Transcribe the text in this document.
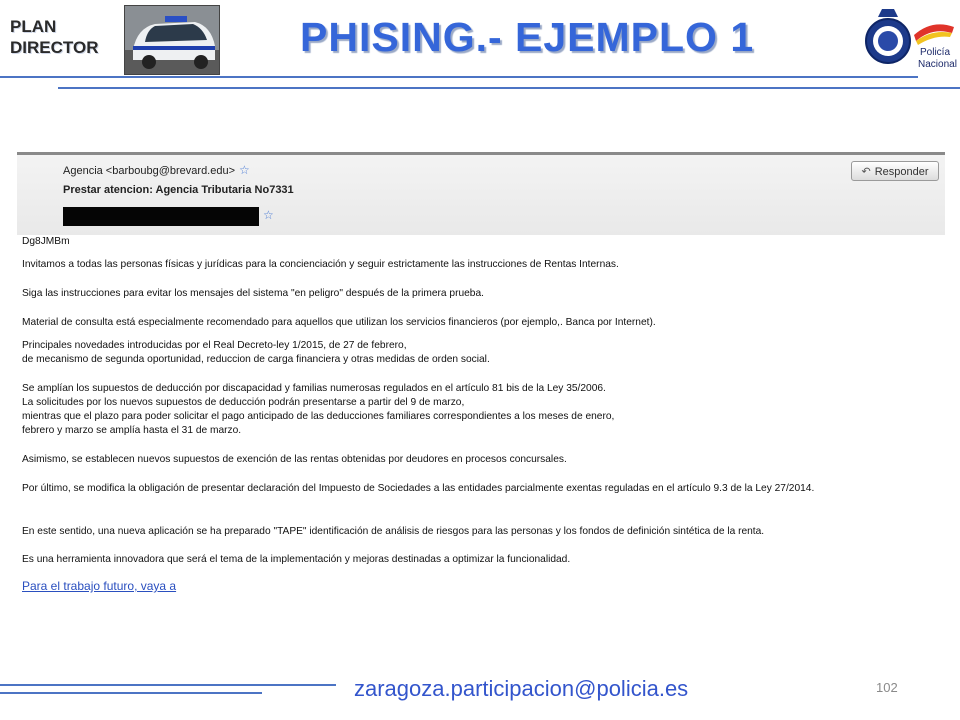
PLAN
DIRECTOR	PHISING.- EJEMPLO 1	Policía
Nacional
Agencia <barboubg@brevard.edu> ☆
Prestar atencion: Agencia Tributaria No7331
☆
↶ Responder
Dg8JMBm
Invitamos a todas las personas físicas y jurídicas para la concienciación y seguir estrictamente las instrucciones de Rentas Internas.
Siga las instrucciones para evitar los mensajes del sistema "en peligro" después de la primera prueba.
Material de consulta está especialmente recomendado para aquellos que utilizan los servicios financieros (por ejemplo,. Banca por Internet).
Principales novedades introducidas por el Real Decreto-ley 1/2015, de 27 de febrero,
de mecanismo de segunda oportunidad, reduccion de carga financiera y otras medidas de orden social.
Se amplían los supuestos de deducción por discapacidad y familias numerosas regulados en el artículo 81 bis de la Ley 35/2006.
La solicitudes por los nuevos supuestos de deducción podrán presentarse a partir del 9 de marzo,
mientras que el plazo para poder solicitar el pago anticipado de las deducciones familiares correspondientes a los meses de enero,
febrero y marzo se amplía hasta el 31 de marzo.
Asimismo, se establecen nuevos supuestos de exención de las rentas obtenidas por deudores en procesos concursales.
Por último, se modifica la obligación de presentar declaración del Impuesto de Sociedades a las entidades parcialmente exentas reguladas en el artículo 9.3 de la Ley 27/2014.
En este sentido, una nueva aplicación se ha preparado "TAPE" identificación de análisis de riesgos para las personas y los fondos de definición sintética de la renta.
Es una herramienta innovadora que será el tema de la implementación y mejoras destinadas a optimizar la funcionalidad.
Para el trabajo futuro, vaya a
zaragoza.participacion@policia.es	102
